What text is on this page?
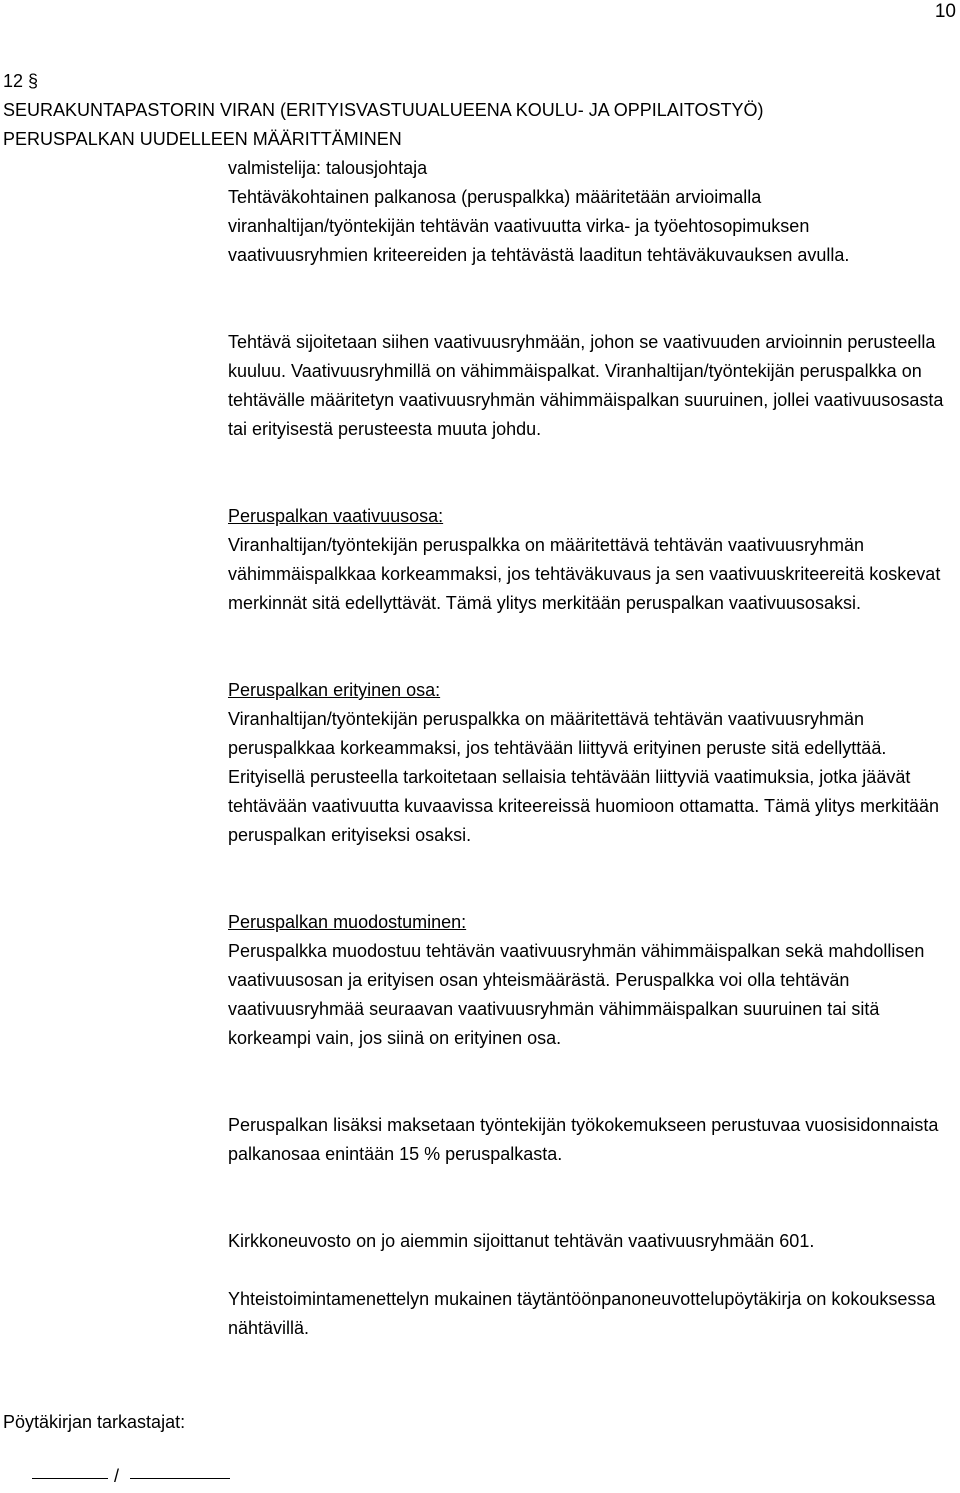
10
12 §
SEURAKUNTAPASTORIN VIRAN (ERITYISVASTUUALUEENA KOULU- JA OPPILAITOSTYÖ)
PERUSPALKAN UUDELLEEN MÄÄRITTÄMINEN
valmistelija: talousjohtaja

Tehtäväkohtainen palkanosa (peruspalkka) määritetään arvioimalla viranhaltijan/työntekijän tehtävän vaativuutta virka- ja työehtosopimuksen vaativuusryhmien kriteereiden ja tehtävästä laaditun tehtäväkuvauksen avulla.

Tehtävä sijoitetaan siihen vaativuusryhmään, johon se vaativuuden arvioinnin perusteella kuuluu. Vaativuusryhmillä on vähimmäispalkat. Viranhaltijan/työntekijän peruspalkka on tehtävälle määritetyn vaativuusryhmän vähimmäispalkan suuruinen, jollei vaativuusosasta tai erityisestä perusteesta muuta johdu.

Peruspalkan vaativuusosa:

Viranhaltijan/työntekijän peruspalkka on määritettävä tehtävän vaativuusryhmän vähimmäispalkkaa korkeammaksi, jos tehtäväkuvaus ja sen vaativuuskriteereitä koskevat merkinnät sitä edellyttävät. Tämä ylitys merkitään peruspalkan vaativuusosaksi.

Peruspalkan erityinen osa:

Viranhaltijan/työntekijän peruspalkka on määritettävä tehtävän vaativuusryhmän peruspalkkaa korkeammaksi, jos tehtävään liittyvä erityinen peruste sitä edellyttää. Erityisellä perusteella tarkoitetaan sellaisia tehtävään liittyviä vaatimuksia, jotka jäävät tehtävään vaativuutta kuvaavissa kriteereissä huomioon ottamatta. Tämä ylitys merkitään peruspalkan erityiseksi osaksi.

Peruspalkan muodostuminen:

Peruspalkka muodostuu tehtävän vaativuusryhmän vähimmäispalkan sekä mahdollisen vaativuusosan ja erityisen osan yhteismäärästä. Peruspalkka voi olla tehtävän vaativuusryhmää seuraavan vaativuusryhmän vähimmäispalkan suuruinen tai sitä korkeampi vain, jos siinä on erityinen osa.

Peruspalkan lisäksi maksetaan työntekijän työkokemukseen perustuvaa vuosisidonnaista palkanosaa enintään 15 % peruspalkasta.

Kirkkoneuvosto on jo aiemmin sijoittanut tehtävän vaativuusryhmään 601.

Yhteistoimintamenettelyn mukainen täytäntöönpanoneuvottelupöytäkirja on kokouksessa nähtävillä.

Pöytäkirjan tarkastajat:
/
